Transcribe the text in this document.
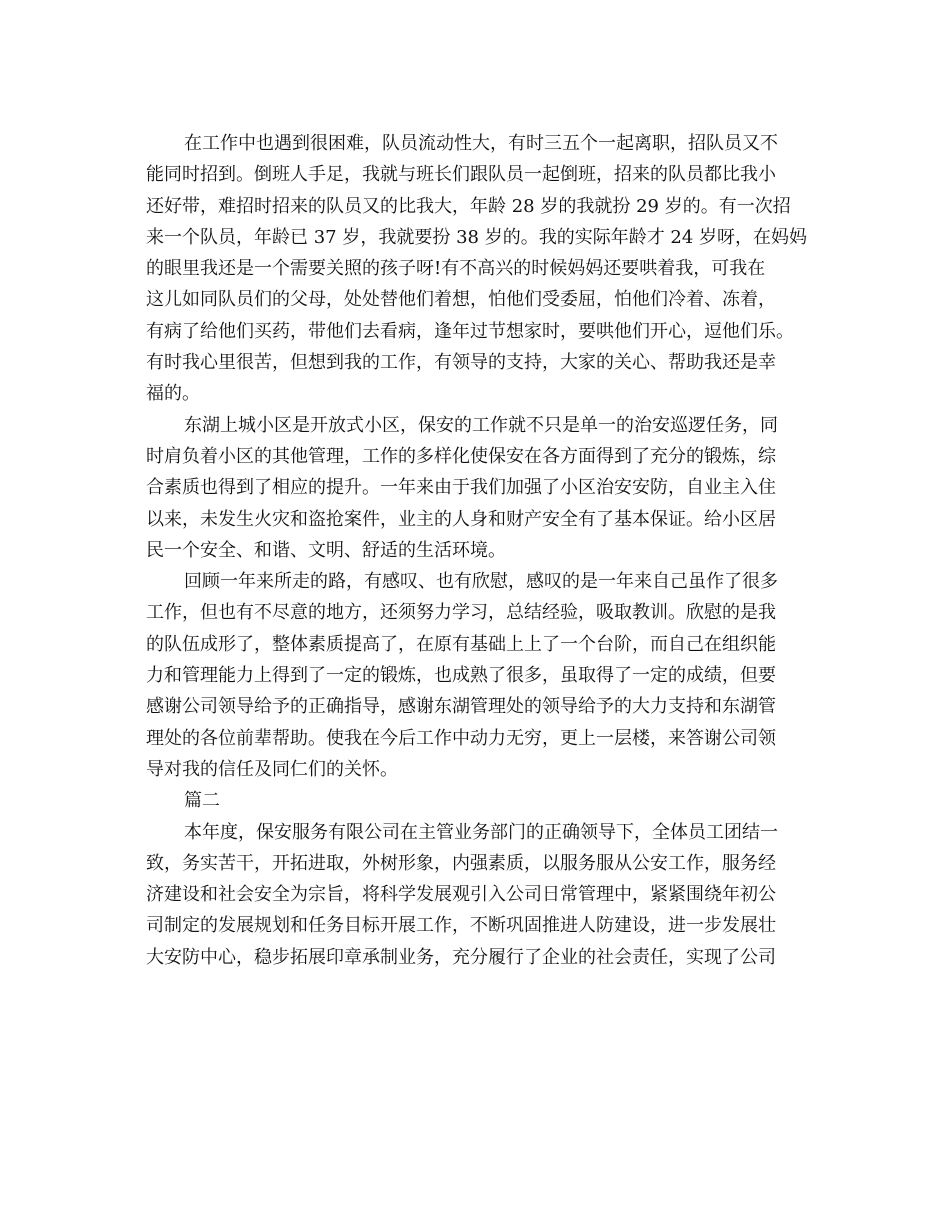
在工作中也遇到很困难，队员流动性大，有时三五个一起离职，招队员又不
能同时招到。倒班人手足，我就与班长们跟队员一起倒班，招来的队员都比我小
还好带，难招时招来的队员又的比我大，年龄 28 岁的我就扮 29 岁的。有一次招
来一个队员，年龄已 37 岁，我就要扮 38 岁的。我的实际年龄才 24 岁呀，在妈妈
的眼里我还是一个需要关照的孩子呀!有不高兴的时候妈妈还要哄着我，可我在
这儿如同队员们的父母，处处替他们着想，怕他们受委屈，怕他们冷着、冻着，
有病了给他们买药，带他们去看病，逢年过节想家时，要哄他们开心，逗他们乐。
有时我心里很苦，但想到我的工作，有领导的支持，大家的关心、帮助我还是幸
福的。
东湖上城小区是开放式小区，保安的工作就不只是单一的治安巡逻任务，同
时肩负着小区的其他管理，工作的多样化使保安在各方面得到了充分的锻炼，综
合素质也得到了相应的提升。一年来由于我们加强了小区治安安防，自业主入住
以来，未发生火灾和盗抢案件，业主的人身和财产安全有了基本保证。给小区居
民一个安全、和谐、文明、舒适的生活环境。
回顾一年来所走的路，有感叹、也有欣慰，感叹的是一年来自己虽作了很多
工作，但也有不尽意的地方，还须努力学习，总结经验，吸取教训。欣慰的是我
的队伍成形了，整体素质提高了，在原有基础上上了一个台阶，而自己在组织能
力和管理能力上得到了一定的锻炼，也成熟了很多，虽取得了一定的成绩，但要
感谢公司领导给予的正确指导，感谢东湖管理处的领导给予的大力支持和东湖管
理处的各位前辈帮助。使我在今后工作中动力无穷，更上一层楼，来答谢公司领
导对我的信任及同仁们的关怀。
篇二
本年度，保安服务有限公司在主管业务部门的正确领导下，全体员工团结一
致，务实苦干，开拓进取，外树形象，内强素质，以服务服从公安工作，服务经
济建设和社会安全为宗旨，将科学发展观引入公司日常管理中，紧紧围绕年初公
司制定的发展规划和任务目标开展工作，不断巩固推进人防建设，进一步发展壮
大安防中心，稳步拓展印章承制业务，充分履行了企业的社会责任，实现了公司
